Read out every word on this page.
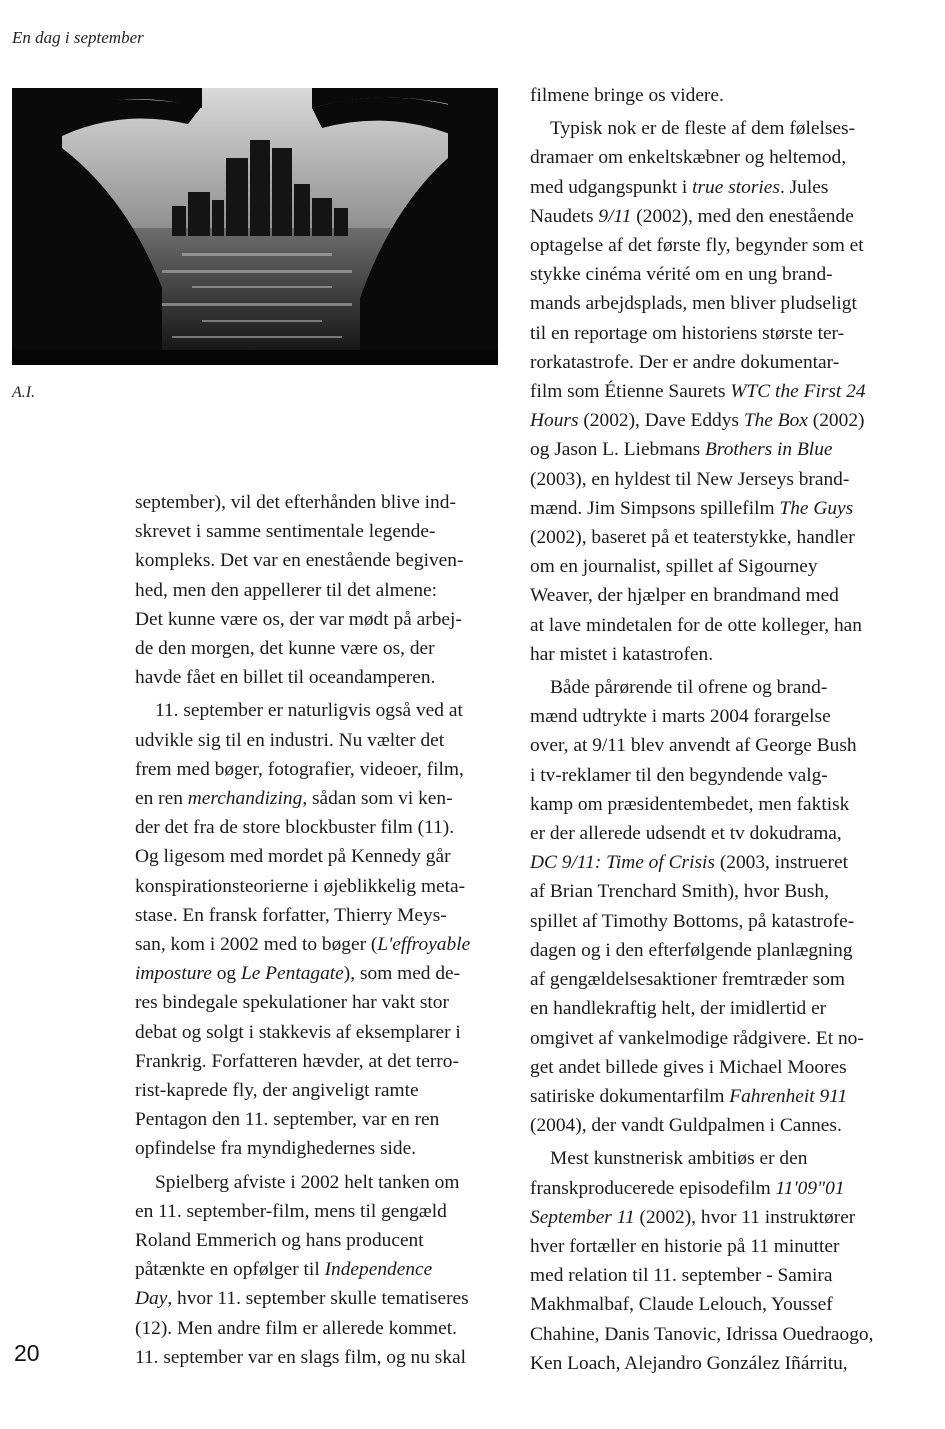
En dag i september
A.I.
september), vil det efterhånden blive ind-
skrevet i samme sentimentale legende-
kompleks. Det var en enestående begiven-
hed, men den appellerer til det almene:
Det kunne være os, der var mødt på arbej-
de den morgen, det kunne være os, der
havde fået en billet til oceandamperen.
11. september er naturligvis også ved at
udvikle sig til en industri. Nu vælter det
frem med bøger, fotografier, videoer, film,
en ren merchandizing, sådan som vi ken-
der det fra de store blockbuster film (11).
Og ligesom med mordet på Kennedy går
konspirationsteorierne i øjeblikkelig meta-
stase. En fransk forfatter, Thierry Meys-
san, kom i 2002 med to bøger (L'effroyable
imposture og Le Pentagate), som med de-
res bindegale spekulationer har vakt stor
debat og solgt i stakkevis af eksemplarer i
Frankrig. Forfatteren hævder, at det terro-
rist-kaprede fly, der angiveligt ramte
Pentagon den 11. september, var en ren
opfindelse fra myndighedernes side.
Spielberg afviste i 2002 helt tanken om
en 11. september-film, mens til gengæld
Roland Emmerich og hans producent
påtænkte en opfølger til Independence
Day, hvor 11. september skulle tematiseres
(12). Men andre film er allerede kommet.
11. september var en slags film, og nu skal
filmene bringe os videre.
Typisk nok er de fleste af dem følelses-
dramaer om enkeltskæbner og heltemod,
med udgangspunkt i true stories. Jules
Naudets 9/11 (2002), med den enestående
optagelse af det første fly, begynder som et
stykke cinéma vérité om en ung brand-
mands arbejdsplads, men bliver pludseligt
til en reportage om historiens største ter-
rorkatastrofe. Der er andre dokumentar-
film som Étienne Saurets WTC the First 24
Hours (2002), Dave Eddys The Box (2002)
og Jason L. Liebmans Brothers in Blue
(2003), en hyldest til New Jerseys brand-
mænd. Jim Simpsons spillefilm The Guys
(2002), baseret på et teaterstykke, handler
om en journalist, spillet af Sigourney
Weaver, der hjælper en brandmand med
at lave mindetalen for de otte kolleger, han
har mistet i katastrofen.
Både pårørende til ofrene og brand-
mænd udtrykte i marts 2004 forargelse
over, at 9/11 blev anvendt af George Bush
i tv-reklamer til den begyndende valg-
kamp om præsidentembedet, men faktisk
er der allerede udsendt et tv dokudrama,
DC 9/11: Time of Crisis (2003, instrueret
af Brian Trenchard Smith), hvor Bush,
spillet af Timothy Bottoms, på katastrofe-
dagen og i den efterfølgende planlægning
af gengældelsesaktioner fremtræder som
en handlekraftig helt, der imidlertid er
omgivet af vankelmodige rådgivere. Et no-
get andet billede gives i Michael Moores
satiriske dokumentarfilm Fahrenheit 911
(2004), der vandt Guldpalmen i Cannes.
Mest kunstnerisk ambitiøs er den
franskproducerede episodefilm 11'09"01
September 11 (2002), hvor 11 instruktører
hver fortæller en historie på 11 minutter
med relation til 11. september - Samira
Makhmalbaf, Claude Lelouch, Youssef
Chahine, Danis Tanovic, Idrissa Ouedraogo,
Ken Loach, Alejandro González Iñárritu,
20
